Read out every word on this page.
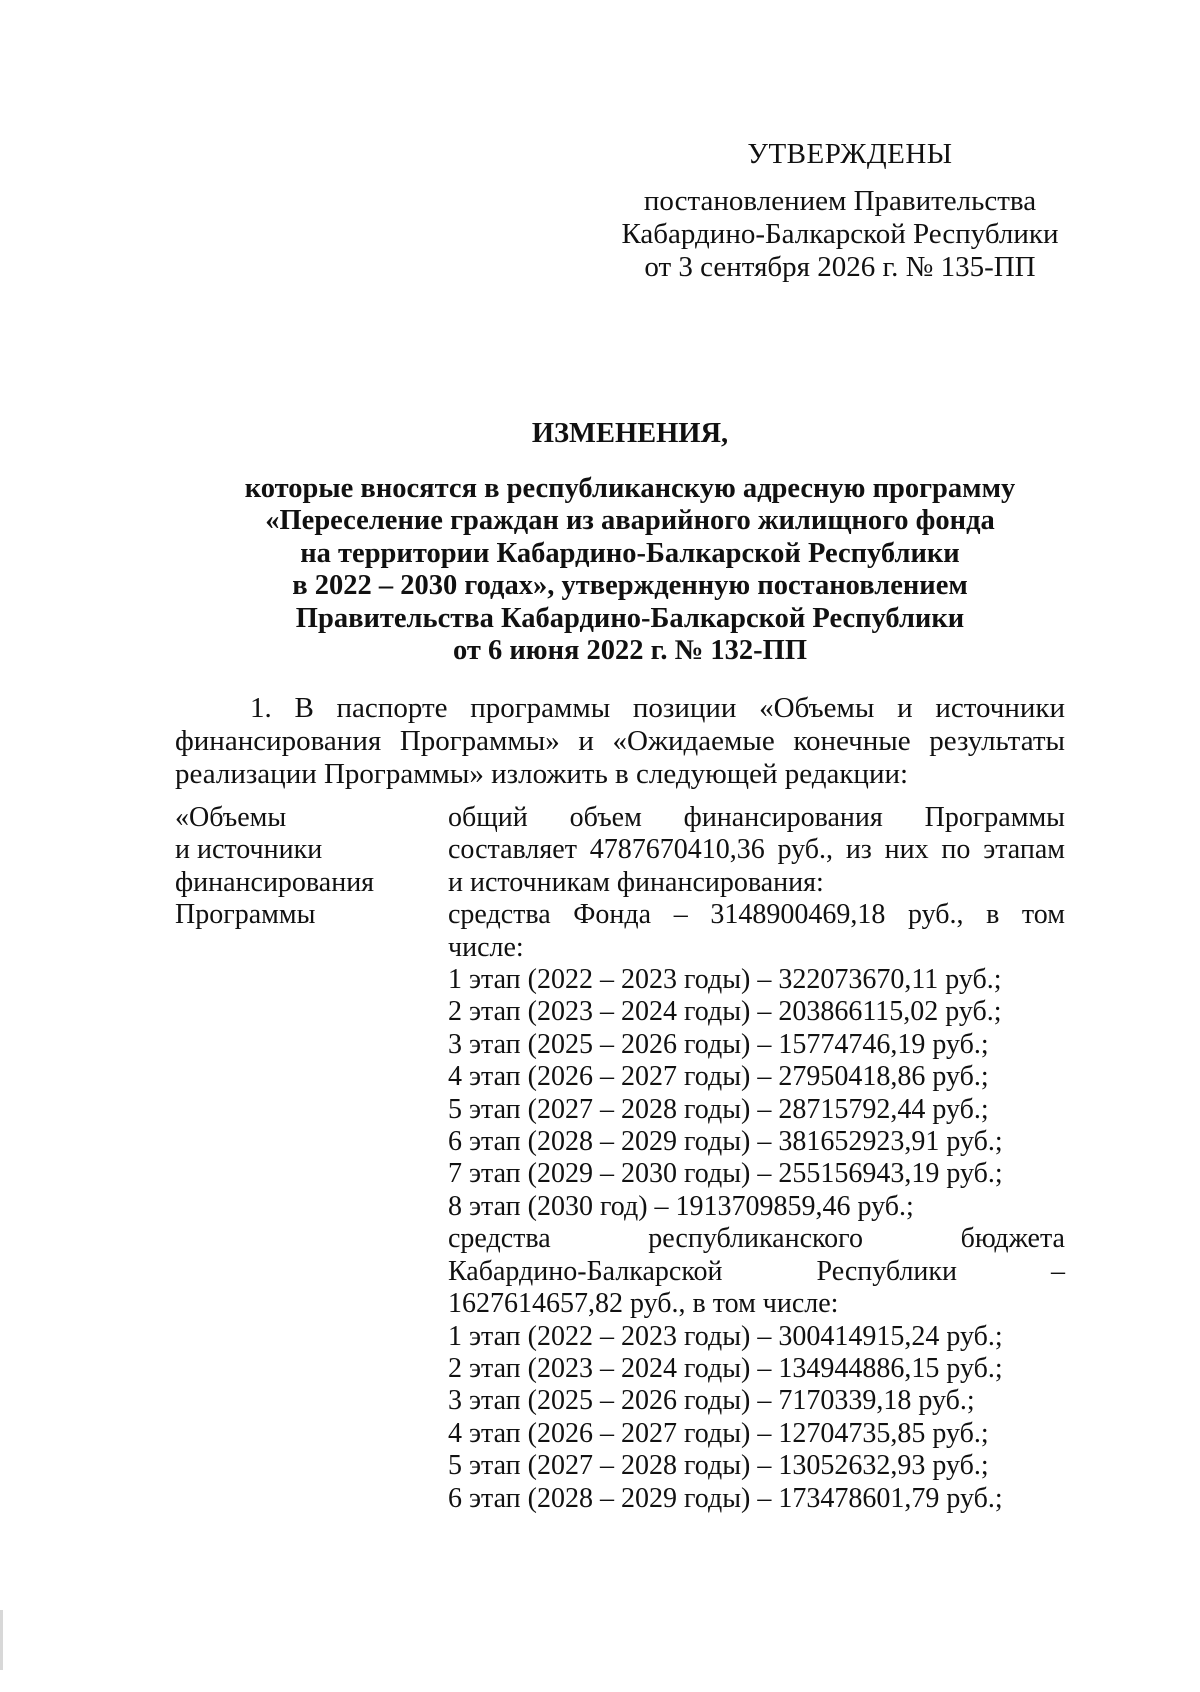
УТВЕРЖДЕНЫ
постановлением Правительства
Кабардино-Балкарской Республики
от 3 сентября 2026 г. № 135-ПП
ИЗМЕНЕНИЯ,
которые вносятся в республиканскую адресную программу
«Переселение граждан из аварийного жилищного фонда
на территории Кабардино-Балкарской Республики
в 2022 – 2030 годах», утвержденную постановлением
Правительства Кабардино-Балкарской Республики
от 6 июня 2022 г. № 132-ПП
1. В паспорте программы позиции «Объемы и источники финансирования Программы» и «Ожидаемые конечные результаты реализации Программы» изложить в следующей редакции:
«Объемы
и источники
финансирования
Программы
общий объем финансирования Программы
составляет 4787670410,36 руб., из них по этапам
и источникам финансирования:
средства Фонда – 3148900469,18 руб., в том
числе:
1 этап (2022 – 2023 годы) – 322073670,11 руб.;
2 этап (2023 – 2024 годы) – 203866115,02 руб.;
3 этап (2025 – 2026 годы) – 15774746,19 руб.;
4 этап (2026 – 2027 годы) – 27950418,86 руб.;
5 этап (2027 – 2028 годы) – 28715792,44 руб.;
6 этап (2028 – 2029 годы) – 381652923,91 руб.;
7 этап (2029 – 2030 годы) – 255156943,19 руб.;
8 этап (2030 год) – 1913709859,46 руб.;
средства республиканского бюджета
Кабардино-Балкарской Республики –
1627614657,82 руб., в том числе:
1 этап (2022 – 2023 годы) – 300414915,24 руб.;
2 этап (2023 – 2024 годы) – 134944886,15 руб.;
3 этап (2025 – 2026 годы) – 7170339,18 руб.;
4 этап (2026 – 2027 годы) – 12704735,85 руб.;
5 этап (2027 – 2028 годы) – 13052632,93 руб.;
6 этап (2028 – 2029 годы) – 173478601,79 руб.;
